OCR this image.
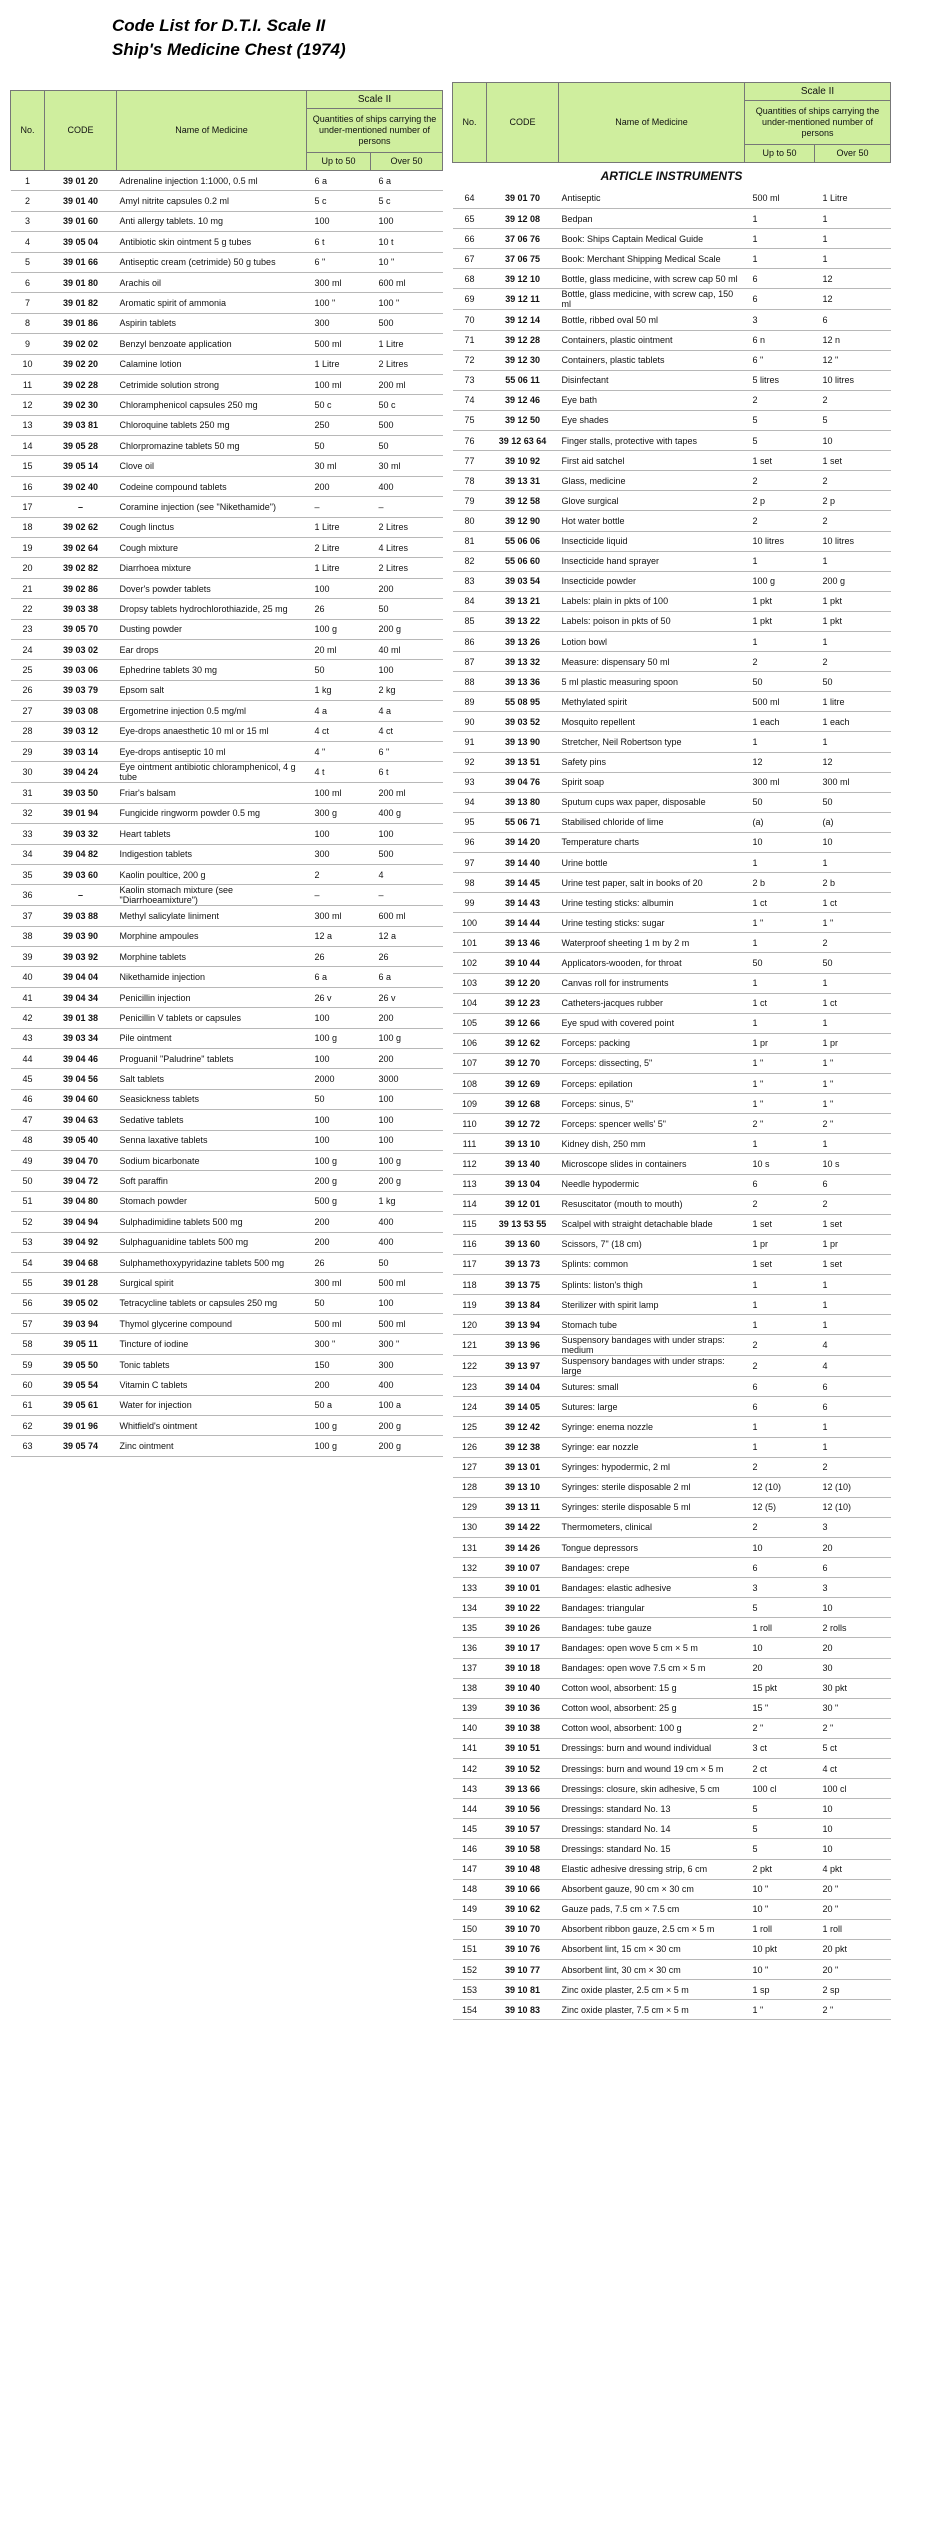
Code List for D.T.I. Scale II
Ship's Medicine Chest (1974)
No.	CODE	Name of Medicine	Scale II	
			Quantities of ships carrying the under-mentioned number of persons	
			Up to 50	Over 50
1	39 01 20	Adrenaline injection 1:1000, 0.5 ml	6 a	6 a
2	39 01 40	Amyl nitrite capsules 0.2 ml	5 c	5 c
3	39 01 60	Anti allergy tablets. 10 mg	100	100
4	39 05 04	Antibiotic skin ointment 5 g tubes	6 t	10 t
5	39 01 66	Antiseptic cream (cetrimide) 50 g tubes	6 "	10 "
6	39 01 80	Arachis oil	300 ml	600 ml
7	39 01 82	Aromatic spirit of ammonia	100 "	100 "
8	39 01 86	Aspirin tablets	300	500
9	39 02 02	Benzyl benzoate application	500 ml	1 Litre
10	39 02 20	Calamine lotion	1 Litre	2 Litres
11	39 02 28	Cetrimide solution strong	100 ml	200 ml
12	39 02 30	Chloramphenicol capsules 250 mg	50 c	50 c
13	39 03 81	Chloroquine tablets 250 mg	250	500
14	39 05 28	Chlorpromazine tablets 50 mg	50	50
15	39 05 14	Clove oil	30 ml	30 ml
16	39 02 40	Codeine compound tablets	200	400
17	–	Coramine injection (see "Nikethamide")	–	–
18	39 02 62	Cough linctus	1 Litre	2 Litres
19	39 02 64	Cough mixture	2 Litre	4 Litres
20	39 02 82	Diarrhoea mixture	1 Litre	2 Litres
21	39 02 86	Dover's powder tablets	100	200
22	39 03 38	Dropsy tablets hydrochlorothiazide, 25 mg	26	50
23	39 05 70	Dusting powder	100 g	200 g
24	39 03 02	Ear drops	20 ml	40 ml
25	39 03 06	Ephedrine tablets 30 mg	50	100
26	39 03 79	Epsom salt	1 kg	2 kg
27	39 03 08	Ergometrine injection 0.5 mg/ml	4 a	4 a
28	39 03 12	Eye-drops anaesthetic 10 ml or 15 ml	4 ct	4 ct
29	39 03 14	Eye-drops antiseptic 10 ml	4 "	6 "
30	39 04 24	Eye ointment antibiotic chloramphenicol, 4 g tube	4 t	6 t
31	39 03 50	Friar's balsam	100 ml	200 ml
32	39 01 94	Fungicide ringworm powder 0.5 mg	300 g	400 g
33	39 03 32	Heart tablets	100	100
34	39 04 82	Indigestion tablets	300	500
35	39 03 60	Kaolin poultice, 200 g	2	4
36	–	Kaolin stomach mixture (see "Diarrhoeamixture")	–	–
37	39 03 88	Methyl salicylate liniment	300 ml	600 ml
38	39 03 90	Morphine ampoules	12 a	12 a
39	39 03 92	Morphine tablets	26	26
40	39 04 04	Nikethamide injection	6 a	6 a
41	39 04 34	Penicillin injection	26 v	26 v
42	39 01 38	Penicillin V tablets or capsules	100	200
43	39 03 34	Pile ointment	100 g	100 g
44	39 04 46	Proguanil "Paludrine" tablets	100	200
45	39 04 56	Salt tablets	2000	3000
46	39 04 60	Seasickness tablets	50	100
47	39 04 63	Sedative tablets	100	100
48	39 05 40	Senna laxative tablets	100	100
49	39 04 70	Sodium bicarbonate	100 g	100 g
50	39 04 72	Soft paraffin	200 g	200 g
51	39 04 80	Stomach powder	500 g	1 kg
52	39 04 94	Sulphadimidine tablets 500 mg	200	400
53	39 04 92	Sulphaguanidine tablets 500 mg	200	400
54	39 04 68	Sulphamethoxypyridazine tablets 500 mg	26	50
55	39 01 28	Surgical spirit	300 ml	500 ml
56	39 05 02	Tetracycline tablets or capsules 250 mg	50	100
57	39 03 94	Thymol glycerine compound	500 ml	500 ml
58	39 05 11	Tincture of iodine	300 "	300 "
59	39 05 50	Tonic tablets	150	300
60	39 05 54	Vitamin C tablets	200	400
61	39 05 61	Water for injection	50 a	100 a
62	39 01 96	Whitfield's ointment	100 g	200 g
63	39 05 74	Zinc ointment	100 g	200 g
No.	CODE	Name of Medicine	Scale II	
			Quantities of ships carrying the under-mentioned number of persons	
			Up to 50	Over 50
ARTICLE INSTRUMENTS				
64	39 01 70	Antiseptic	500 ml	1 Litre
65	39 12 08	Bedpan	1	1
66	37 06 76	Book: Ships Captain Medical Guide	1	1
67	37 06 75	Book: Merchant Shipping Medical Scale	1	1
68	39 12 10	Bottle, glass medicine, with screw cap 50 ml	6	12
69	39 12 11	Bottle, glass medicine, with screw cap, 150 ml	6	12
70	39 12 14	Bottle, ribbed oval 50 ml	3	6
71	39 12 28	Containers, plastic ointment	6 n	12 n
72	39 12 30	Containers, plastic tablets	6 "	12 "
73	55 06 11	Disinfectant	5 litres	10 litres
74	39 12 46	Eye bath	2	2
75	39 12 50	Eye shades	5	5
76	39 12 63 64	Finger stalls, protective with tapes	5	10
77	39 10 92	First aid satchel	1 set	1 set
78	39 13 31	Glass, medicine	2	2
79	39 12 58	Glove surgical	2 p	2 p
80	39 12 90	Hot water bottle	2	2
81	55 06 06	Insecticide liquid	10 litres	10 litres
82	55 06 60	Insecticide hand sprayer	1	1
83	39 03 54	Insecticide powder	100 g	200 g
84	39 13 21	Labels: plain in pkts of 100	1 pkt	1 pkt
85	39 13 22	Labels: poison in pkts of 50	1 pkt	1 pkt
86	39 13 26	Lotion bowl	1	1
87	39 13 32	Measure: dispensary 50 ml	2	2
88	39 13 36	5 ml plastic measuring spoon	50	50
89	55 08 95	Methylated spirit	500 ml	1 litre
90	39 03 52	Mosquito repellent	1 each	1 each
91	39 13 90	Stretcher, Neil Robertson type	1	1
92	39 13 51	Safety pins	12	12
93	39 04 76	Spirit soap	300 ml	300 ml
94	39 13 80	Sputum cups wax paper, disposable	50	50
95	55 06 71	Stabilised chloride of lime	(a)	(a)
96	39 14 20	Temperature charts	10	10
97	39 14 40	Urine bottle	1	1
98	39 14 45	Urine test paper, salt in books of 20	2 b	2 b
99	39 14 43	Urine testing sticks: albumin	1 ct	1 ct
100	39 14 44	Urine testing sticks: sugar	1 "	1 "
101	39 13 46	Waterproof sheeting 1 m by 2 m	1	2
102	39 10 44	Applicators-wooden, for throat	50	50
103	39 12 20	Canvas roll for instruments	1	1
104	39 12 23	Catheters-jacques rubber	1 ct	1 ct
105	39 12 66	Eye spud with covered point	1	1
106	39 12 62	Forceps: packing	1 pr	1 pr
107	39 12 70	Forceps: dissecting, 5"	1 "	1 "
108	39 12 69	Forceps: epilation	1 "	1 "
109	39 12 68	Forceps: sinus, 5"	1 "	1 "
110	39 12 72	Forceps: spencer wells' 5"	2 "	2 "
111	39 13 10	Kidney dish, 250 mm	1	1
112	39 13 40	Microscope slides in containers	10 s	10 s
113	39 13 04	Needle hypodermic	6	6
114	39 12 01	Resuscitator (mouth to mouth)	2	2
115	39 13 53 55	Scalpel with straight detachable blade	1 set	1 set
116	39 13 60	Scissors, 7" (18 cm)	1 pr	1 pr
117	39 13 73	Splints: common	1 set	1 set
118	39 13 75	Splints: liston's thigh	1	1
119	39 13 84	Sterilizer with spirit lamp	1	1
120	39 13 94	Stomach tube	1	1
121	39 13 96	Suspensory bandages with under straps: medium	2	4
122	39 13 97	Suspensory bandages with under straps: large	2	4
123	39 14 04	Sutures: small	6	6
124	39 14 05	Sutures: large	6	6
125	39 12 42	Syringe: enema nozzle	1	1
126	39 12 38	Syringe: ear nozzle	1	1
127	39 13 01	Syringes: hypodermic, 2 ml	2	2
128	39 13 10	Syringes: sterile disposable 2 ml	12 (10)	12 (10)
129	39 13 11	Syringes: sterile disposable 5 ml	12 (5)	12 (10)
130	39 14 22	Thermometers, clinical	2	3
131	39 14 26	Tongue depressors	10	20
132	39 10 07	Bandages: crepe	6	6
133	39 10 01	Bandages: elastic adhesive	3	3
134	39 10 22	Bandages: triangular	5	10
135	39 10 26	Bandages: tube gauze	1 roll	2 rolls
136	39 10 17	Bandages: open wove 5 cm × 5 m	10	20
137	39 10 18	Bandages: open wove 7.5 cm × 5 m	20	30
138	39 10 40	Cotton wool, absorbent: 15 g	15 pkt	30 pkt
139	39 10 36	Cotton wool, absorbent: 25 g	15 "	30 "
140	39 10 38	Cotton wool, absorbent: 100 g	2 "	2 "
141	39 10 51	Dressings: burn and wound individual	3 ct	5 ct
142	39 10 52	Dressings: burn and wound 19 cm × 5 m	2 ct	4 ct
143	39 13 66	Dressings: closure, skin adhesive, 5 cm	100 cl	100 cl
144	39 10 56	Dressings: standard No. 13	5	10
145	39 10 57	Dressings: standard No. 14	5	10
146	39 10 58	Dressings: standard No. 15	5	10
147	39 10 48	Elastic adhesive dressing strip, 6 cm	2 pkt	4 pkt
148	39 10 66	Absorbent gauze, 90 cm × 30 cm	10 "	20 "
149	39 10 62	Gauze pads, 7.5 cm × 7.5 cm	10 "	20 "
150	39 10 70	Absorbent ribbon gauze, 2.5 cm × 5 m	1 roll	1 roll
151	39 10 76	Absorbent lint, 15 cm × 30 cm	10 pkt	20 pkt
152	39 10 77	Absorbent lint, 30 cm × 30 cm	10 "	20 "
153	39 10 81	Zinc oxide plaster, 2.5 cm × 5 m	1 sp	2 sp
154	39 10 83	Zinc oxide plaster, 7.5 cm × 5 m	1 "	2 "
